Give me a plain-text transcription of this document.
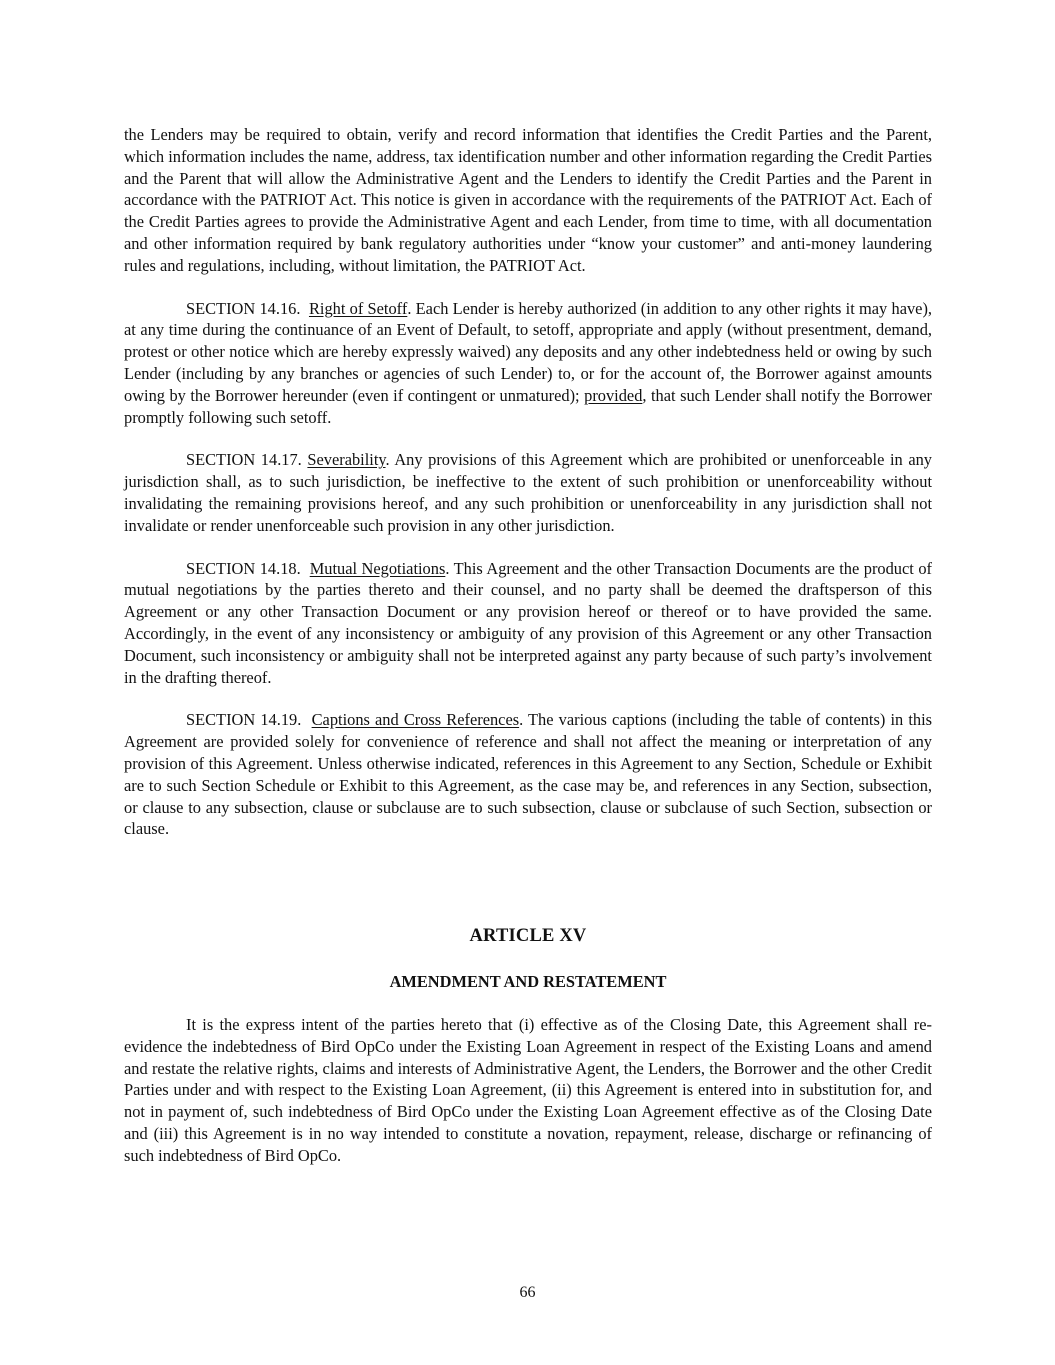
the Lenders may be required to obtain, verify and record information that identifies the Credit Parties and the Parent, which information includes the name, address, tax identification number and other information regarding the Credit Parties and the Parent that will allow the Administrative Agent and the Lenders to identify the Credit Parties and the Parent in accordance with the PATRIOT Act. This notice is given in accordance with the requirements of the PATRIOT Act. Each of the Credit Parties agrees to provide the Administrative Agent and each Lender, from time to time, with all documentation and other information required by bank regulatory authorities under “know your customer” and anti-money laundering rules and regulations, including, without limitation, the PATRIOT Act.

SECTION 14.16. Right of Setoff. Each Lender is hereby authorized (in addition to any other rights it may have), at any time during the continuance of an Event of Default, to setoff, appropriate and apply (without presentment, demand, protest or other notice which are hereby expressly waived) any deposits and any other indebtedness held or owing by such Lender (including by any branches or agencies of such Lender) to, or for the account of, the Borrower against amounts owing by the Borrower hereunder (even if contingent or unmatured); provided, that such Lender shall notify the Borrower promptly following such setoff.

SECTION 14.17. Severability. Any provisions of this Agreement which are prohibited or unenforceable in any jurisdiction shall, as to such jurisdiction, be ineffective to the extent of such prohibition or unenforceability without invalidating the remaining provisions hereof, and any such prohibition or unenforceability in any jurisdiction shall not invalidate or render unenforceable such provision in any other jurisdiction.

SECTION 14.18. Mutual Negotiations. This Agreement and the other Transaction Documents are the product of mutual negotiations by the parties thereto and their counsel, and no party shall be deemed the draftsperson of this Agreement or any other Transaction Document or any provision hereof or thereof or to have provided the same. Accordingly, in the event of any inconsistency or ambiguity of any provision of this Agreement or any other Transaction Document, such inconsistency or ambiguity shall not be interpreted against any party because of such party’s involvement in the drafting thereof.

SECTION 14.19. Captions and Cross References. The various captions (including the table of contents) in this Agreement are provided solely for convenience of reference and shall not affect the meaning or interpretation of any provision of this Agreement. Unless otherwise indicated, references in this Agreement to any Section, Schedule or Exhibit are to such Section Schedule or Exhibit to this Agreement, as the case may be, and references in any Section, subsection, or clause to any subsection, clause or subclause are to such subsection, clause or subclause of such Section, subsection or clause.

ARTICLE XV
AMENDMENT AND RESTATEMENT

It is the express intent of the parties hereto that (i) effective as of the Closing Date, this Agreement shall re-evidence the indebtedness of Bird OpCo under the Existing Loan Agreement in respect of the Existing Loans and amend and restate the relative rights, claims and interests of Administrative Agent, the Lenders, the Borrower and the other Credit Parties under and with respect to the Existing Loan Agreement, (ii) this Agreement is entered into in substitution for, and not in payment of, such indebtedness of Bird OpCo under the Existing Loan Agreement effective as of the Closing Date and (iii) this Agreement is in no way intended to constitute a novation, repayment, release, discharge or refinancing of such indebtedness of Bird OpCo.

66
